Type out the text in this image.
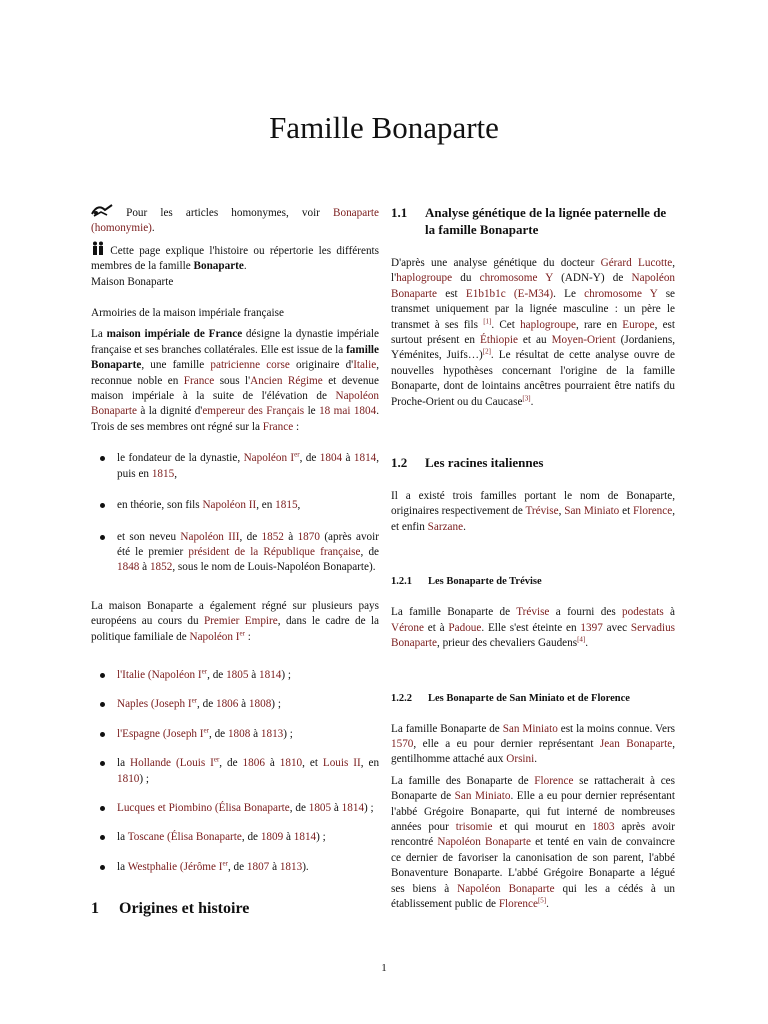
Famille Bonaparte

Pour les articles homonymes, voir Bonaparte (homonymie).

Cette page explique l'histoire ou répertorie les différents membres de la famille Bonaparte.

Maison Bonaparte

Armoiries de la maison impériale française

La maison impériale de France désigne la dynastie impériale française et ses branches collatérales. Elle est issue de la famille Bonaparte, une famille patricienne corse originaire d'Italie, reconnue noble en France sous l'Ancien Régime et devenue maison impériale à la suite de l'élévation de Napoléon Bonaparte à la dignité d'empereur des Français le 18 mai 1804. Trois de ses membres ont régné sur la France :

le fondateur de la dynastie, Napoléon Ier, de 1804 à 1814, puis en 1815,
en théorie, son fils Napoléon II, en 1815,
et son neveu Napoléon III, de 1852 à 1870 (après avoir été le premier président de la République française, de 1848 à 1852, sous le nom de Louis-Napoléon Bonaparte).

La maison Bonaparte a également régné sur plusieurs pays européens au cours du Premier Empire, dans le cadre de la politique familiale de Napoléon Ier :

l'Italie (Napoléon Ier, de 1805 à 1814) ;
Naples (Joseph Ier, de 1806 à 1808) ;
l'Espagne (Joseph Ier, de 1808 à 1813) ;
la Hollande (Louis Ier, de 1806 à 1810, et Louis II, en 1810) ;
Lucques et Piombino (Élisa Bonaparte, de 1805 à 1814) ;
la Toscane (Élisa Bonaparte, de 1809 à 1814) ;
la Westphalie (Jérôme Ier, de 1807 à 1813).
1 Origines et histoire
1.1	Analyse génétique de la lignée paternelle de la famille Bonaparte

D'après une analyse génétique du docteur Gérard Lucotte, l'haplogroupe du chromosome Y (ADN-Y) de Napoléon Bonaparte est E1b1b1c (E-M34). Le chromosome Y se transmet uniquement par la lignée masculine : un père le transmet à ses fils [1]. Cet haplogroupe, rare en Europe, est surtout présent en Éthiopie et au Moyen-Orient (Jordaniens, Yéménites, Juifs…)[2]. Le résultat de cette analyse ouvre de nouvelles hypothèses concernant l'origine de la famille Bonaparte, dont de lointains ancêtres pourraient être natifs du Proche-Orient ou du Caucase[3].

1.2	Les racines italiennes

Il a existé trois familles portant le nom de Bonaparte, originaires respectivement de Trévise, San Miniato et Florence, et enfin Sarzane.

1.2.1 Les Bonaparte de Trévise

La famille Bonaparte de Trévise a fourni des podestats à Vérone et à Padoue. Elle s'est éteinte en 1397 avec Servadius Bonaparte, prieur des chevaliers Gaudens[4].

1.2.2 Les Bonaparte de San Miniato et de Florence

La famille Bonaparte de San Miniato est la moins connue. Vers 1570, elle a eu pour dernier représentant Jean Bonaparte, gentilhomme attaché aux Orsini.

La famille des Bonaparte de Florence se rattacherait à ces Bonaparte de San Miniato. Elle a eu pour dernier représentant l'abbé Grégoire Bonaparte, qui fut interné de nombreuses années pour trisomie et qui mourut en 1803 après avoir rencontré Napoléon Bonaparte et tenté en vain de convaincre ce dernier de favoriser la canonisation de son parent, l'abbé Bonaventure Bonaparte. L'abbé Grégoire Bonaparte a légué ses biens à Napoléon Bonaparte qui les a cédés à un établissement public de Florence[5].

1
